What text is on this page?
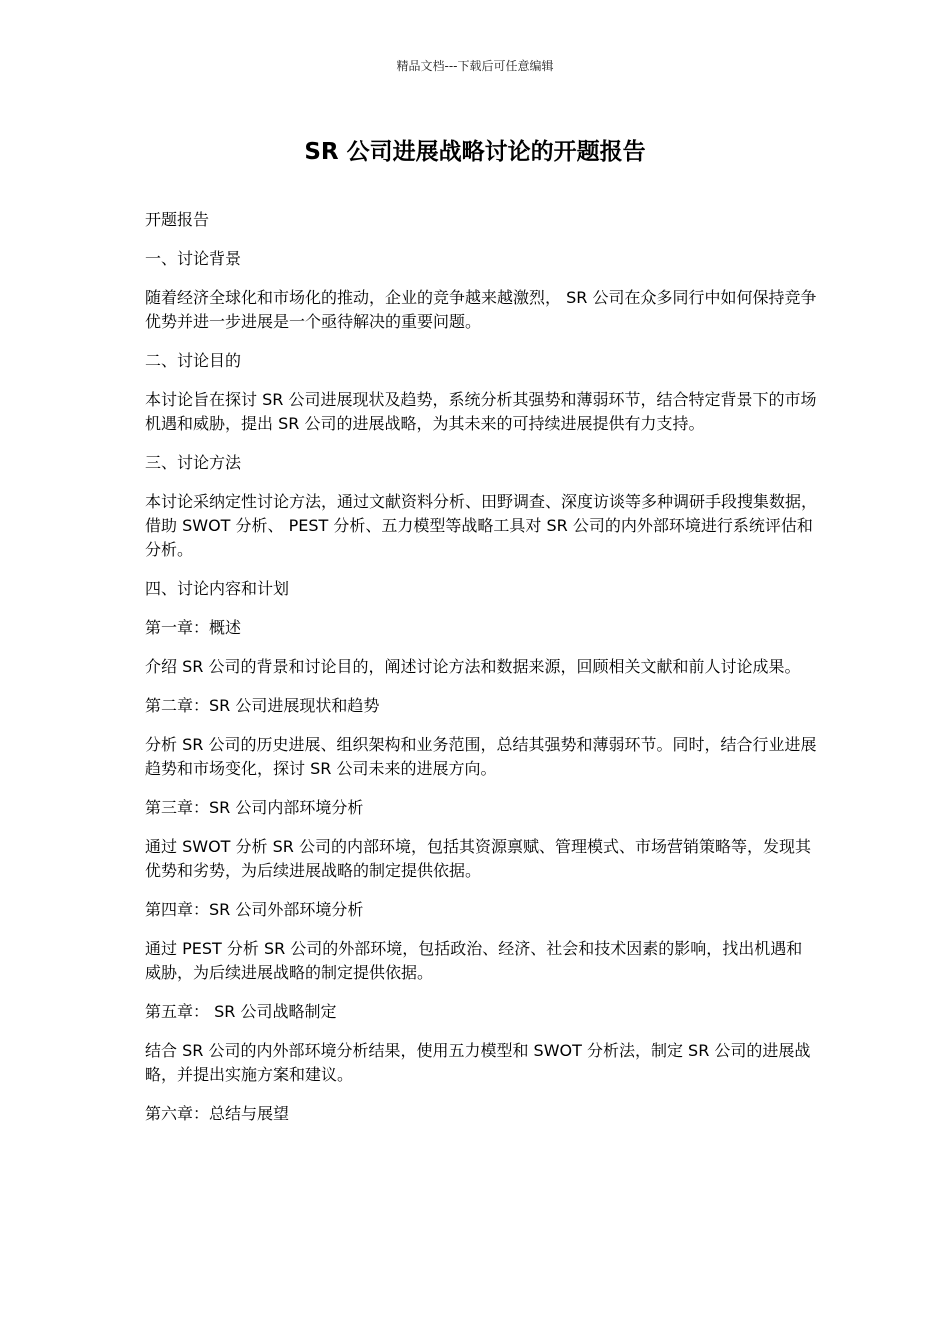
精品文档---下载后可任意编辑
SR 公司进展战略讨论的开题报告

开题报告

一、讨论背景

随着经济全球化和市场化的推动，企业的竞争越来越激烈， SR 公司在众多同行中如何保持竞争优势并进一步进展是一个亟待解决的重要问题。

二、讨论目的

本讨论旨在探讨 SR 公司进展现状及趋势，系统分析其强势和薄弱环节，结合特定背景下的市场机遇和威胁，提出 SR 公司的进展战略，为其未来的可持续进展提供有力支持。

三、讨论方法

本讨论采纳定性讨论方法，通过文献资料分析、田野调查、深度访谈等多种调研手段搜集数据，借助 SWOT 分析、 PEST 分析、五力模型等战略工具对 SR 公司的内外部环境进行系统评估和分析。

四、讨论内容和计划

第一章：概述

介绍 SR 公司的背景和讨论目的，阐述讨论方法和数据来源，回顾相关文献和前人讨论成果。

第二章：SR 公司进展现状和趋势

分析 SR 公司的历史进展、组织架构和业务范围，总结其强势和薄弱环节。同时，结合行业进展趋势和市场变化，探讨 SR 公司未来的进展方向。

第三章：SR 公司内部环境分析

通过 SWOT 分析 SR 公司的内部环境，包括其资源禀赋、管理模式、市场营销策略等，发现其优势和劣势，为后续进展战略的制定提供依据。

第四章：SR 公司外部环境分析

通过 PEST 分析 SR 公司的外部环境，包括政治、经济、社会和技术因素的影响，找出机遇和威胁，为后续进展战略的制定提供依据。

第五章： SR 公司战略制定

结合 SR 公司的内外部环境分析结果，使用五力模型和 SWOT 分析法，制定 SR 公司的进展战略，并提出实施方案和建议。

第六章：总结与展望
